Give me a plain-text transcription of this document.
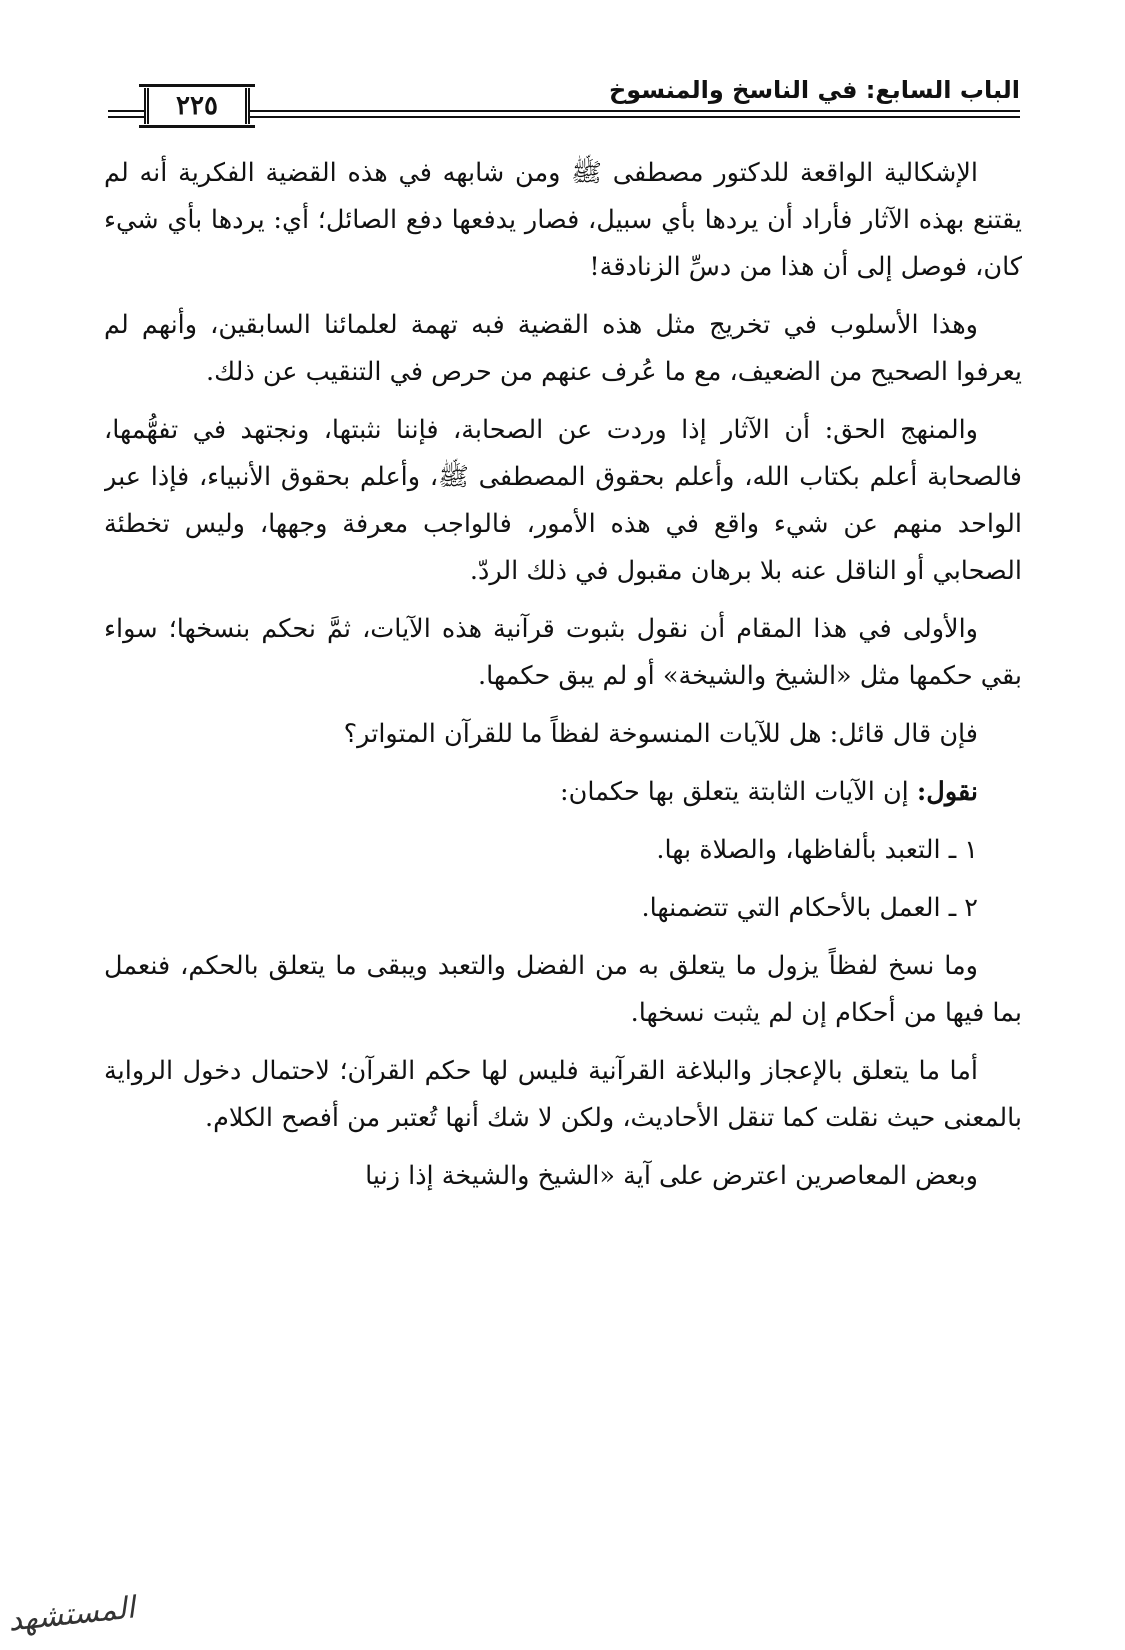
٢٢٥
الباب السابع: في الناسخ والمنسوخ

الإشكالية الواقعة للدكتور مصطفى ﷺ ومن شابهه في هذه القضية الفكرية أنه لم يقتنع بهذه الآثار فأراد أن يردها بأي سبيل، فصار يدفعها دفع الصائل؛ أي: يردها بأي شيء كان، فوصل إلى أن هذا من دسِّ الزنادقة!

وهذا الأسلوب في تخريج مثل هذه القضية فبه تهمة لعلمائنا السابقين، وأنهم لم يعرفوا الصحيح من الضعيف، مع ما عُرف عنهم من حرص في التنقيب عن ذلك.

والمنهج الحق: أن الآثار إذا وردت عن الصحابة، فإننا نثبتها، ونجتهد في تفهُّمها، فالصحابة أعلم بكتاب الله، وأعلم بحقوق المصطفى ﷺ، وأعلم بحقوق الأنبياء، فإذا عبر الواحد منهم عن شيء واقع في هذه الأمور، فالواجب معرفة وجهها، وليس تخطئة الصحابي أو الناقل عنه بلا برهان مقبول في ذلك الردّ.

والأولى في هذا المقام أن نقول بثبوت قرآنية هذه الآيات، ثمَّ نحكم بنسخها؛ سواء بقي حكمها مثل «الشيخ والشيخة» أو لم يبق حكمها.

فإن قال قائل: هل للآيات المنسوخة لفظاً ما للقرآن المتواتر؟

نقول: إن الآيات الثابتة يتعلق بها حكمان:

١ ـ التعبد بألفاظها، والصلاة بها.

٢ ـ العمل بالأحكام التي تتضمنها.

وما نسخ لفظاً يزول ما يتعلق به من الفضل والتعبد ويبقى ما يتعلق بالحكم، فنعمل بما فيها من أحكام إن لم يثبت نسخها.

أما ما يتعلق بالإعجاز والبلاغة القرآنية فليس لها حكم القرآن؛ لاحتمال دخول الرواية بالمعنى حيث نقلت كما تنقل الأحاديث، ولكن لا شك أنها تُعتبر من أفصح الكلام.

وبعض المعاصرين اعترض على آية «الشيخ والشيخة إذا زنيا

المستشهد
